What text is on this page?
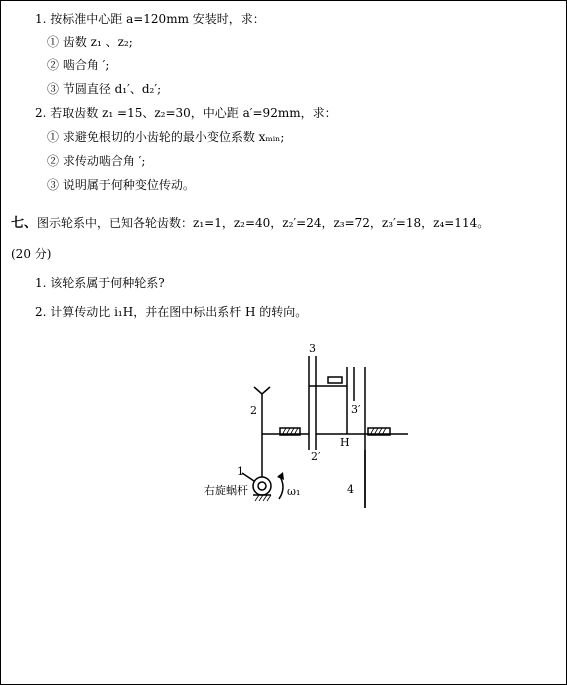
1. 按标准中心距 a=120mm 安装时，求：
① 齿数 z₁ 、z₂;
② 啮合角 ′;
③ 节圆直径 d₁′、d₂′;
2. 若取齿数 z₁ =15、z₂=30，中心距 a′=92mm，求：
① 求避免根切的小齿轮的最小变位系数 xₘᵢₙ;
② 求传动啮合角 ′;
③ 说明属于何种变位传动。
七、图示轮系中，已知各轮齿数：z₁=1，z₂=40，z₂′=24，z₃=72，z₃′=18，z₄=114。
(20 分)
1. 该轮系属于何种轮系?
2. 计算传动比 i₁H，并在图中标出系杆 H 的转向。
3
3′
2
2′
H
4
1
右旋蜗杆	ω₁
